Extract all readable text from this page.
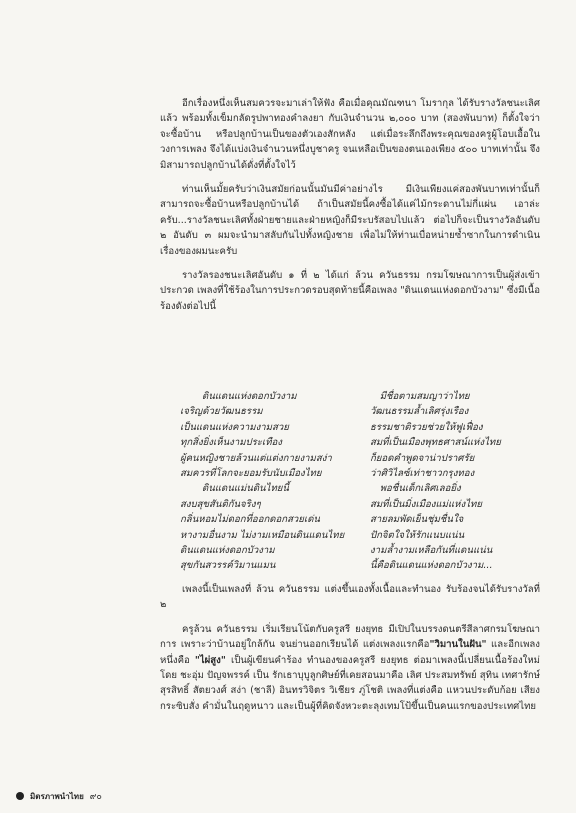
อีกเรื่องหนึ่งเห็นสมควรจะมาเล่าให้ฟัง คือเมื่อคุณมัณฑนา โมรากุล ได้รับรางวัลชนะเลิศแล้ว พร้อมทั้งเข็มกลัดรูปพาทองคำลงยา กับเงินจำนวน ๒,๐๐๐ บาท (สองพันบาท) ก็ตั้งใจว่าจะซื้อบ้าน หรือปลูกบ้านเป็นของตัวเองสักหลัง แต่เมื่อระลึกถึงพระคุณของครูผู้โอบเอื้อในวงการเพลง จึงได้แบ่งเงินจำนวนหนึ่งบูชาครู จนเหลือเป็นของตนเองเพียง ๕๐๐ บาทเท่านั้น จึงมิสามารถปลูกบ้านได้ดั่งที่ตั้งใจไว้

ท่านเห็นมั้ยครับว่าเงินสมัยก่อนนั้นมันมีค่าอย่างไร มีเงินเพียงแค่สองพันบาทเท่านั้นก็สามารถจะซื้อบ้านหรือปลูกบ้านได้ ถ้าเป็นสมัยนี้คงซื้อได้แค่ไม้กระดานไม่กี่แผ่น เอาล่ะครับ...รางวัลชนะเลิศทั้งฝ่ายชายและฝ่ายหญิงก็มีระบรัสอบไปแล้ว ต่อไปก็จะเป็นรางวัลอันดับ ๒ อันดับ ๓ ผมจะนำมาสลับกันไปทั้งหญิงชาย เพื่อไม่ให้ท่านเบื่อหน่ายซ้ำซากในการดำเนินเรื่องของผมนะครับ

รางวัลรองชนะเลิศอันดับ ๑ ที่ ๒ ได้แก่ ล้วน ควันธรรม กรมโฆษณาการเป็นผู้ส่งเข้าประกวด เพลงที่ใช้ร้องในการประกวดรอบสุดท้ายนี้คือเพลง "ดินแดนแห่งดอกบัวงาม" ซึ่งมีเนื้อร้องดังต่อไปนี้

ดินแดนแห่งดอกบัวงาม	มีชื่อตามสมญาว่าไทย
เจริญด้วยวัฒนธรรม	วัฒนธรรมล้ำเลิศรุ่งเรือง
เป็นแดนแห่งความงามสวย	ธรรมชาติรวยช่วยให้ฟูเฟื่อง
ทุกสิ่งยิ่งเห็นงามประเทือง	สมที่เป็นเมืองพุทธศาสน์แห่งไทย
ผู้คนหญิงชายล้วนแต่แต่งกายงามสง่า	ก็ยอดคำพูดจาน่าปราศรัย
สมควรที่โลกจะยอมรับนับเมืองไทย	ว่าศิวิไลซ์เท่าชาวกรุงทอง
ดินแดนแม่นดินไทยนี้	พอชื่นเด็กเลิศเลอยิ่ง
สงบสุขสันติกันจริงๆ	สมที่เป็นมิ่งเมืองแม่แห่งไทย
กลิ่นหอมไม่ดอกที่ออกดอกสวยเด่น	สายลมพัดเย็นชุ่มชื่นใจ
หางามอื่นงาม ไม่งามเหมือนดินแดนไทย	ปักจิตใจให้รักแนบแน่น
ดินแดนแห่งดอกบัวงาม	งามล้ำงามเหลือกันที่แดนแน่น
สุขกันสวรรค์วิมานแมน	นี้คือดินแดนแห่งดอกบัวงาม...

เพลงนี้เป็นเพลงที่ ล้วน ควันธรรม แต่งขึ้นเองทั้งเนื้อและทำนอง รับร้องจนได้รับรางวัลที่ ๒

ครูล้วน ควันธรรม เริ่มเรียนโน้ตกับครูสรี ยงยุทธ มีเปิปในบรรงดนตรีสีลาศกรมโฆษณาการ เพราะว่าบ้านอยู่ใกล้กัน จนย่านออกเรียนได้ แต่งเพลงแรกคือ"วิมานในฝัน" และอีกเพลงหนึ่งคือ "ไผ่สูง" เป็นผู้เขียนคำร้อง ทำนองของครูสรี ยงยุทธ ต่อมาเพลงนี้เปลี่ยนเนื้อร้องใหม่โดย ชะอุ่ม ปัญจพรรค์ เป็น รักเธาบุบูลูกศิษย์ที่เคยสอนมาคือ เลิศ ประสมทรัพย์ สุทิน เทศารักษ์ สุรสิทธิ์ สัตยวงศ์ สง่า (ชาลี) อินทรวิจิตร วิเชียร ภู่โชติ เพลงที่แต่งคือ แหวนประดับก้อย เสียงกระซิบสั่ง คำมั่นในฤดูหนาว และเป็นผู้ที่คิดจังหวะตะลุงเทมโป้ขึ้นเป็นคนแรกของประเทศไทย

มิตรภาพนำไทย ๙๐
